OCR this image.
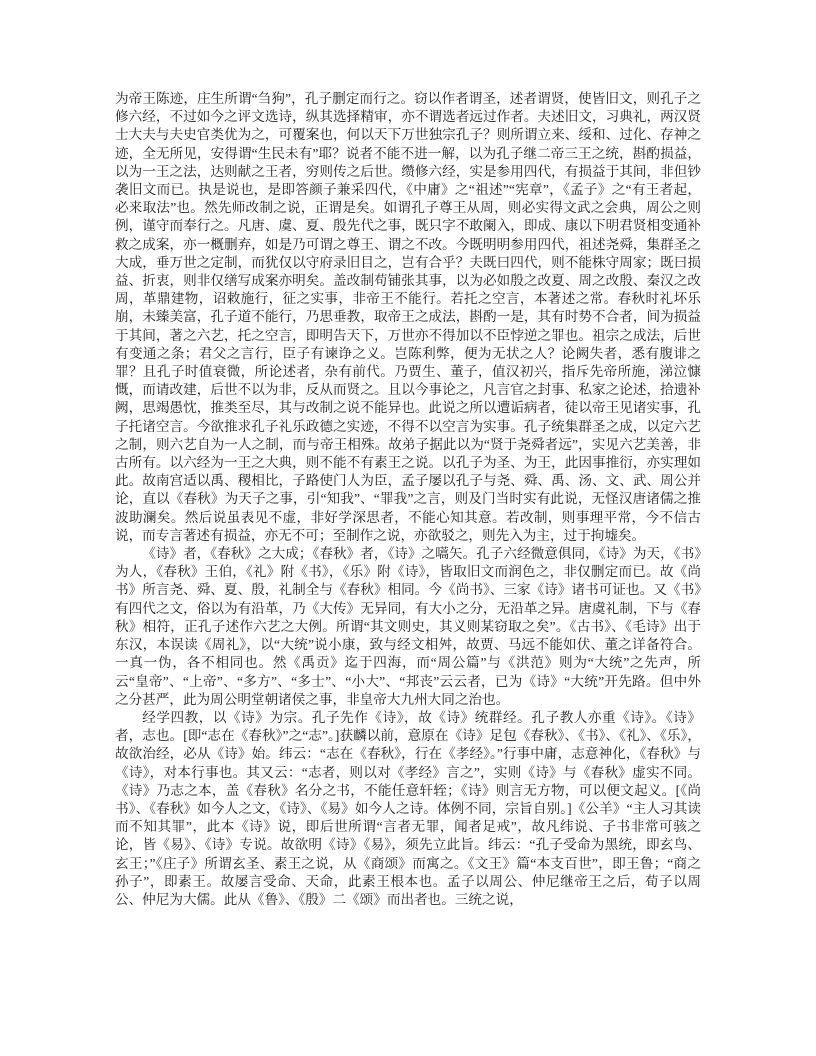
为帝王陈迹，庄生所谓“刍狗”，孔子删定而行之。窃以作者谓圣，述者谓贤，使皆旧文，则孔子之修六经，不过如今之评文选诗，纵其选择精审，亦不谓选者远过作者。夫述旧文，习典礼，两汉贤士大夫与夫史官类优为之，可覆案也，何以天下万世独宗孔子？则所谓立来、绥和、过化、存神之迹，全无所见，安得谓“生民未有”耶？说者不能不进一解，以为孔子继二帝三王之统，斟酌损益，以为一王之法，达则献之王者，穷则传之后世。缵修六经，实是参用四代，有损益于其间，非但钞袭旧文而已。执是说也，是即答颜子兼采四代，《中庸》之“祖述”“宪章”，《孟子》之“有王者起，必来取法”也。然先师改制之说，正谓是矣。如谓孔子尊王从周，则必实得文武之会典，周公之则例，谨守而奉行之。凡唐、虞、夏、殷先代之事，既只字不敢阑入，即成、康以下明君贤相变通补救之成案，亦一概删弃，如是乃可谓之尊王、谓之不改。今既明明参用四代，祖述尧舜，集群圣之大成，垂万世之定制，而犹仅以守府录旧目之，岂有合乎？夫既曰四代，则不能株守周家；既曰损益、折衷，则非仅缮写成案亦明矣。盖改制苟铺张其事，以为必如殷之改夏、周之改殷、秦汉之改周，革鼎建物，诏敕施行，征之实事，非帝王不能行。若托之空言，本著述之常。春秋时礼坏乐崩，未臻美富，孔子道不能行，乃思垂教，取帝王之成法，斟酌一是，其有时势不合者，间为损益于其间，著之六艺，托之空言，即明告天下，万世亦不得加以不臣悖逆之罪也。祖宗之成法，后世有变通之条；君父之言行，臣子有谏诤之义。岂陈利弊，便为无状之人？论阙失者，悉有腹诽之罪？且孔子时值衰微，所论述者，杂有前代。乃贾生、董子，值汉初兴，指斥先帝所施，涕泣慷慨，而请改建，后世不以为非，反从而贤之。且以今事论之，凡言官之封事、私家之论述，拾遗补阙，思竭愚忱，推类至尽，其与改制之说不能异也。此说之所以遭诟病者，徒以帝王见诸实事，孔子托诸空言。今欲推求孔子礼乐政德之实迹，不得不以空言为实事。孔子统集群圣之成，以定六艺之制，则六艺自为一人之制，而与帝王相殊。故弟子据此以为“贤于尧舜者远”，实见六艺美善，非古所有。以六经为一王之大典，则不能不有素王之说。以孔子为圣、为王，此因事推衍，亦实理如此。故南宫适以禹、稷相比，子路使门人为臣，孟子屡以孔子与尧、舜、禹、汤、文、武、周公并论，直以《春秋》为天子之事，引“知我”、“罪我”之言，则及门当时实有此说，无怪汉唐诸儒之推波助澜矣。然后说虽表见不虚，非好学深思者，不能心知其意。若改制，则事理平常，今不信古说，而专言著述有损益，亦无不可；至制作之说，亦欲驳之，则先入为主，过于拘墟矣。

《诗》者，《春秋》之大成；《春秋》者，《诗》之嚆矢。孔子六经微意俱同，《诗》为天，《书》为人，《春秋》王伯，《礼》附《书》，《乐》附《诗》，皆取旧文而润色之，非仅删定而已。故《尚书》所言尧、舜、夏、殷，礼制全与《春秋》相同。今《尚书》、三家《诗》诸书可证也。又《书》有四代之文，俗以为有沿革，乃《大传》无异同，有大小之分，无沿革之异。唐虞礼制，下与《春秋》相符，正孔子述作六艺之大例。所谓“其文则史，其义则某窃取之矣”。《古书》、《毛诗》出于东汉，本误读《周礼》，以“大统”说小康，致与经文相舛，故贾、马远不能如伏、董之详备符合。一真一伪，各不相同也。然《禹贡》迄于四海，而“周公篇”与《洪范》则为“大统”之先声，所云“皇帝”、“上帝”、“多方”、“多士”、“小大”、“邦丧”云云者，已为《诗》“大统”开先路。但中外之分甚严，此为周公明堂朝诸侯之事，非皇帝大九州大同之治也。

经学四教，以《诗》为宗。孔子先作《诗》，故《诗》统群经。孔子教人亦重《诗》。《诗》者，志也。[即“志在《春秋》”之“志”。]获麟以前，意原在《诗》足包《春秋》、《书》、《礼》、《乐》，故欲治经，必从《诗》始。纬云：“志在《春秋》，行在《孝经》。”行事中庸，志意神化，《春秋》与《诗》，对本行事也。其又云：“志者，则以对《孝经》言之”，实则《诗》与《春秋》虚实不同。《诗》乃志之本，盖《春秋》名分之书，不能任意轩轾；《诗》则言无方物，可以便文起义。[《尚书》、《春秋》如今人之文，《诗》、《易》如今人之诗。体例不同，宗旨自别。]《公羊》“主人习其读而不知其罪”，此本《诗》说，即后世所谓“言者无罪，闻者足戒”，故凡纬说、子书非常可骇之论，皆《易》、《诗》专说。故欲明《诗》《易》，须先立此旨。纬云：“孔子受命为黑统，即玄鸟、玄王；”《庄子》所谓玄圣、素王之说，从《商颂》而寓之。《文王》篇“本支百世”，即王鲁；“商之孙子”，即素王。故屡言受命、天命，此素王根本也。孟子以周公、仲尼继帝王之后，荀子以周公、仲尼为大儒。此从《鲁》、《殷》二《颂》而出者也。三统之说，
